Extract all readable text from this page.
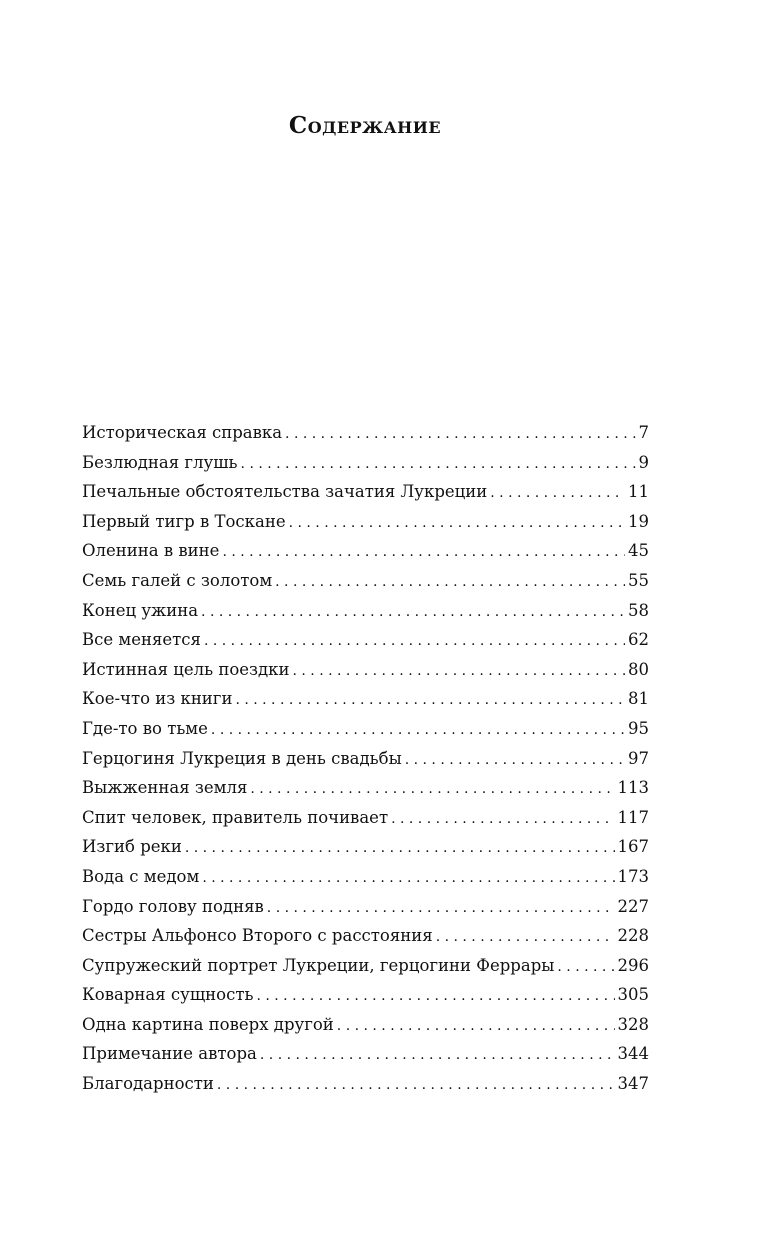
Содержание
Историческая справка . . .	7
Безлюдная глушь . . .	9
Печальные обстоятельства зачатия Лукреции . . .	11
Первый тигр в Тоскане . . .	19
Оленина в вине . . .	45
Семь галей с золотом . . .	55
Конец ужина . . .	58
Все меняется . . .	62
Истинная цель поездки . . .	80
Кое-что из книги . . .	81
Где-то во тьме . . .	95
Герцогиня Лукреция в день свадьбы . . .	97
Выжженная земля . . .	113
Спит человек, правитель почивает . . .	117
Изгиб реки . . .	167
Вода с медом . . .	173
Гордо голову подняв . . .	227
Сестры Альфонсо Второго с расстояния . . .	228
Супружеский портрет Лукреции, герцогини Феррары . . .	296
Коварная сущность . . .	305
Одна картина поверх другой . . .	328
Примечание автора . . .	344
Благодарности . . .	347
